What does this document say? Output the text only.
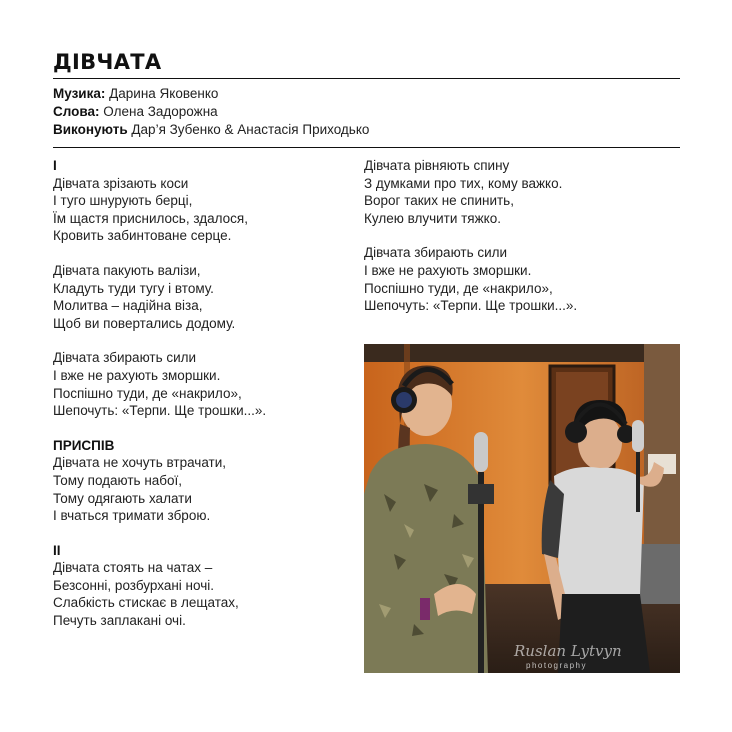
ДІВЧАТА
Музика: Дарина Яковенко
Слова: Олена Задорожна
Виконують Дар’я Зубенко & Анастасія Приходько
I
Дівчата зрізають коси
І туго шнурують берці,
Їм щастя приснилось, здалося,
Кровить забинтоване серце.
Дівчата пакують валізи,
Кладуть туди тугу і втому.
Молитва – надійна віза,
Щоб ви повертались додому.
Дівчата збирають сили
І вже не рахують зморшки.
Поспішно туди, де «накрило»,
Шепочуть: «Терпи. Ще трошки...».
ПРИСПІВ
Дівчата не хочуть втрачати,
Тому подають набої,
Тому одягають халати
І вчаться тримати зброю.
II
Дівчата стоять на чатах –
Безсонні, розбурхані ночі.
Слабкість стискає в лещатах,
Печуть заплакані очі.
Дівчата рівняють спину
З думками про тих, кому важко.
Ворог таких не спинить,
Кулею влучити тяжко.
Дівчата збирають сили
І вже не рахують зморшки.
Поспішно туди, де «накрило»,
Шепочуть: «Терпи. Ще трошки...».
Ruslan Lytvyn
photography
